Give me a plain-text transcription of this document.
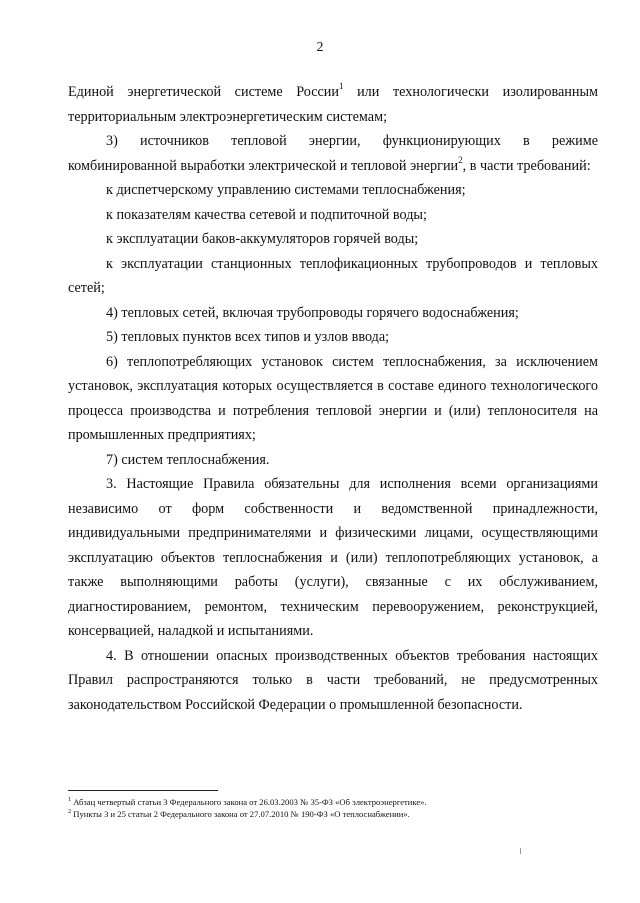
2

Единой энергетической системе России$^1$ или технологически изолированным территориальным электроэнергетическим системам;

3) источников тепловой энергии, функционирующих в режиме комбинированной выработки электрической и тепловой энергии$^2$, в части требований:

к диспетчерскому управлению системами теплоснабжения;

к показателям качества сетевой и подпиточной воды;

к эксплуатации баков-аккумуляторов горячей воды;

к эксплуатации станционных теплофикационных трубопроводов и тепловых сетей;

4) тепловых сетей, включая трубопроводы горячего водоснабжения;

5) тепловых пунктов всех типов и узлов ввода;

6) теплопотребляющих установок систем теплоснабжения, за исключением установок, эксплуатация которых осуществляется в составе единого технологического процесса производства и потребления тепловой энергии и (или) теплоносителя на промышленных предприятиях;

7) систем теплоснабжения.

3. Настоящие Правила обязательны для исполнения всеми организациями независимо от форм собственности и ведомственной принадлежности, индивидуальными предпринимателями и физическими лицами, осуществляющими эксплуатацию объектов теплоснабжения и (или) теплопотребляющих установок, а также выполняющими работы (услуги), связанные с их обслуживанием, диагностированием, ремонтом, техническим перевооружением, реконструкцией, консервацией, наладкой и испытаниями.

4. В отношении опасных производственных объектов требования настоящих Правил распространяются только в части требований, не предусмотренных законодательством Российской Федерации о промышленной безопасности.

$^1$ Абзац четвертый статьи 3 Федерального закона от 26.03.2003 № 35-ФЗ «Об электроэнергетике».

$^2$ Пункты 3 и 25 статьи 2 Федерального закона от 27.07.2010 № 190-ФЗ «О теплоснабжении».
